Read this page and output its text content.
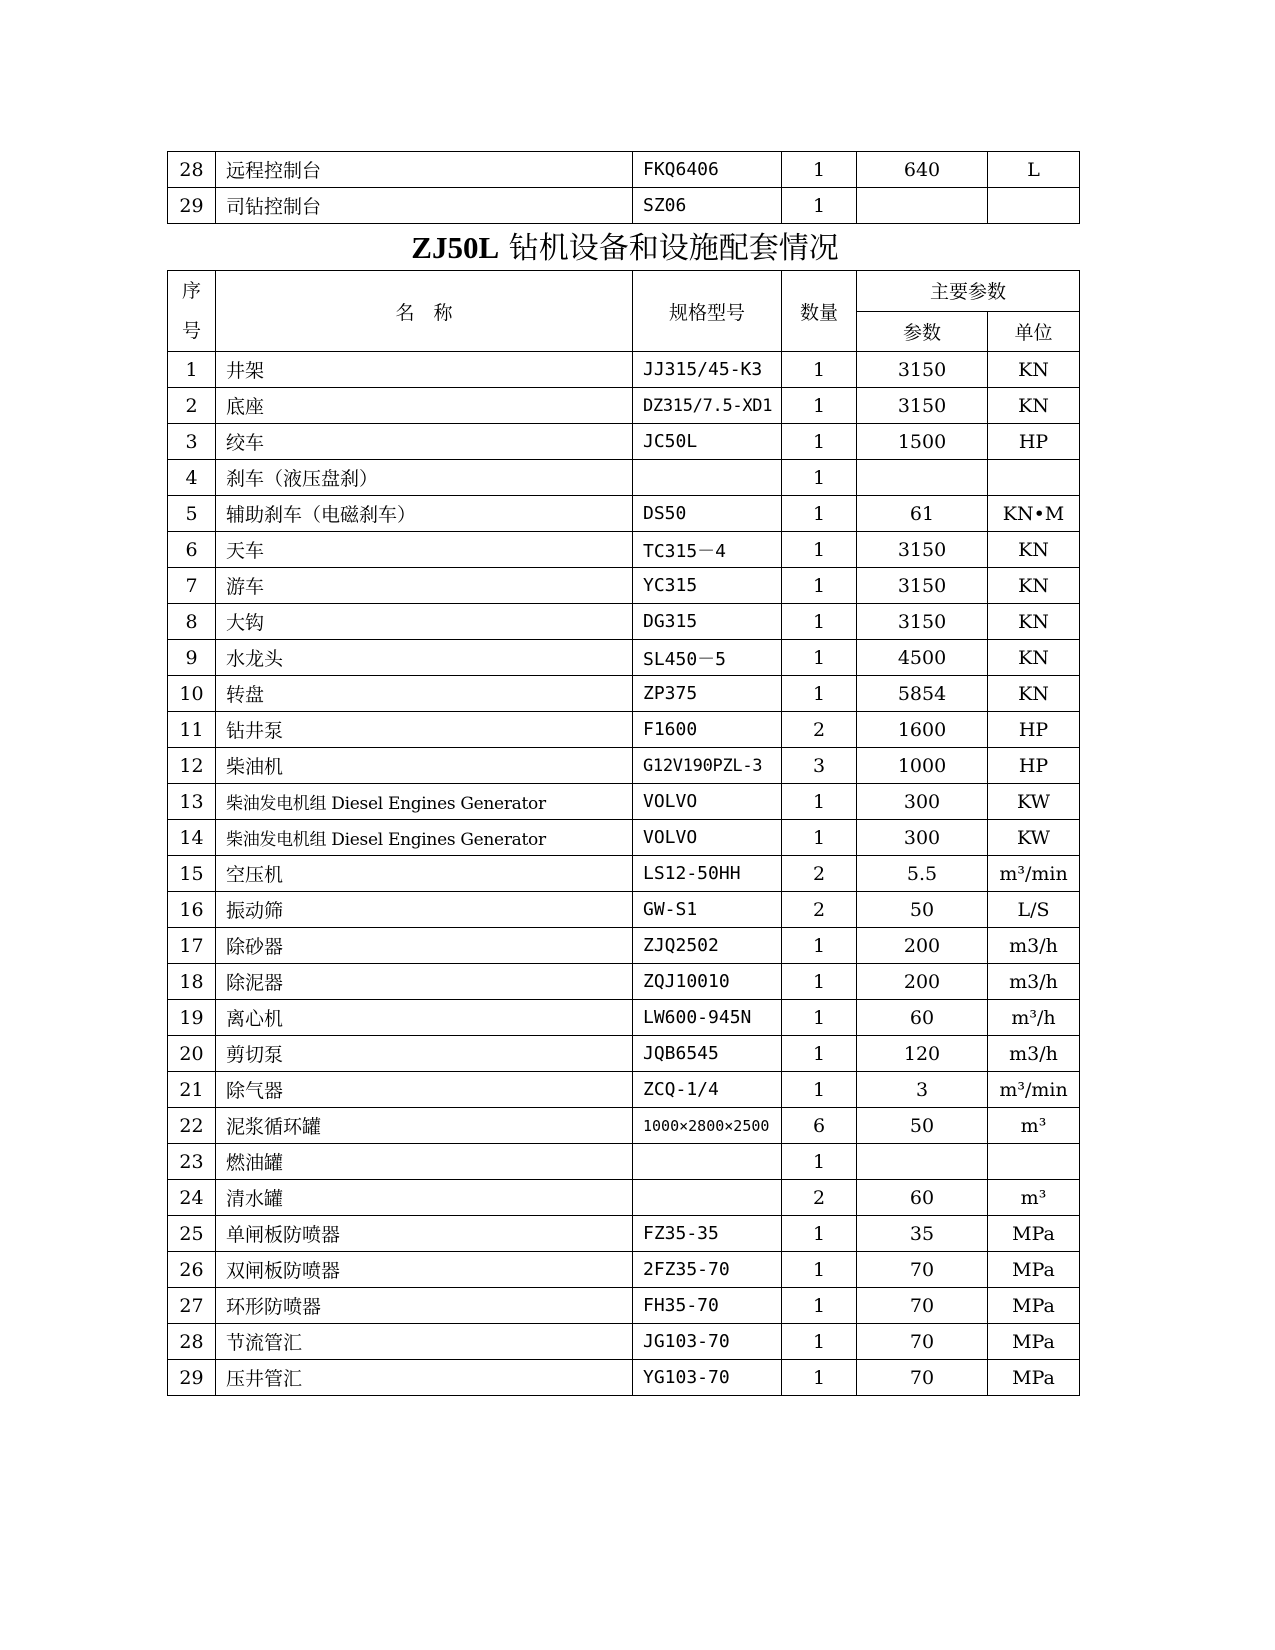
28	远程控制台	FKQ6406	1	640	L
29	司钻控制台	SZ06	1		
ZJ50L 钻机设备和设施配套情况
序
号	名　称	规格型号	数量	主要参数	
				参数	单位
1	井架	JJ315/45-K3	1	3150	KN
2	底座	DZ315/7.5-XD1	1	3150	KN
3	绞车	JC50L	1	1500	HP
4	刹车（液压盘刹）		1		
5	辅助刹车（电磁刹车）	DS50	1	61	KN•M
6	天车	TC315－4	1	3150	KN
7	游车	YC315	1	3150	KN
8	大钩	DG315	1	3150	KN
9	水龙头	SL450－5	1	4500	KN
10	转盘	ZP375	1	5854	KN
11	钻井泵	F1600	2	1600	HP
12	柴油机	G12V190PZL-3	3	1000	HP
13	柴油发电机组 Diesel Engines Generator	VOLVO	1	300	KW
14	柴油发电机组 Diesel Engines Generator	VOLVO	1	300	KW
15	空压机	LS12-50HH	2	5.5	m³/min
16	振动筛	GW-S1	2	50	L/S
17	除砂器	ZJQ2502	1	200	m3/h
18	除泥器	ZQJ10010	1	200	m3/h
19	离心机	LW600-945N	1	60	m³/h
20	剪切泵	JQB6545	1	120	m3/h
21	除气器	ZCQ-1/4	1	3	m³/min
22	泥浆循环罐	1000×2800×2500	6	50	m³
23	燃油罐		1		
24	清水罐		2	60	m³
25	单闸板防喷器	FZ35-35	1	35	MPa
26	双闸板防喷器	2FZ35-70	1	70	MPa
27	环形防喷器	FH35-70	1	70	MPa
28	节流管汇	JG103-70	1	70	MPa
29	压井管汇	YG103-70	1	70	MPa
